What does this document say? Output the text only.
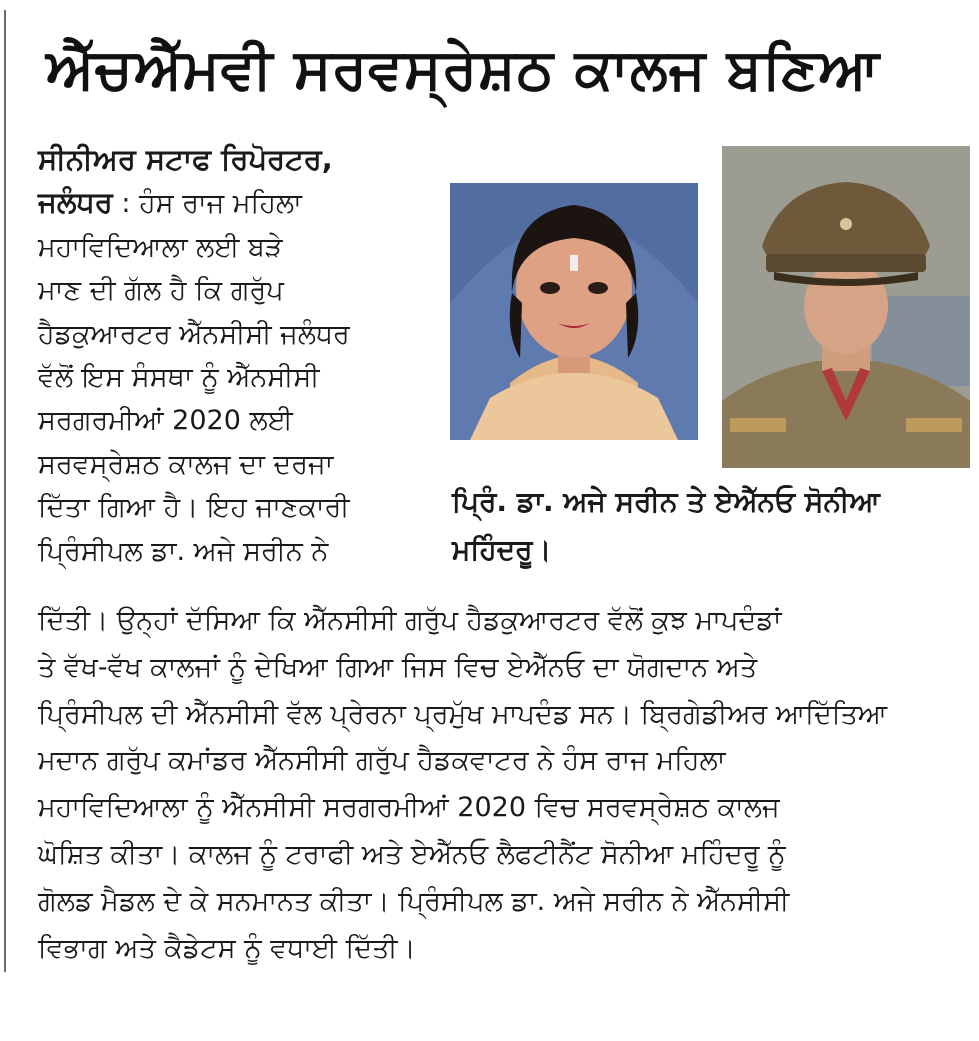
ਐੱਚਐੱਮਵੀ ਸਰਵਸ੍ਰੇਸ਼ਠ ਕਾਲਜ ਬਣਿਆ
ਸੀਨੀਅਰ ਸਟਾਫ ਰਿਪੋਰਟਰ,
ਜਲੰਧਰ : ਹੰਸ ਰਾਜ ਮਹਿਲਾ
ਮਹਾਵਿਦਿਆਲਾ ਲਈ ਬੜੇ
ਮਾਣ ਦੀ ਗੱਲ ਹੈ ਕਿ ਗਰੁੱਪ
ਹੈਡਕੁਆਰਟਰ ਐੱਨਸੀਸੀ ਜਲੰਧਰ
ਵੱਲੋਂ ਇਸ ਸੰਸਥਾ ਨੂੰ ਐੱਨਸੀਸੀ
ਸਰਗਰਮੀਆਂ 2020 ਲਈ
ਸਰਵਸ੍ਰੇਸ਼ਠ ਕਾਲਜ ਦਾ ਦਰਜਾ
ਦਿੱਤਾ ਗਿਆ ਹੈ। ਇਹ ਜਾਣਕਾਰੀ
ਪ੍ਰਿੰਸੀਪਲ ਡਾ. ਅਜੇ ਸਰੀਨ ਨੇ
ਪ੍ਰਿੰ. ਡਾ. ਅਜੇ ਸਰੀਨ ਤੇ ਏਐੱਨਓ ਸੋਨੀਆ
ਮਹਿੰਦਰੂ।
ਦਿੱਤੀ। ਉਨ੍ਹਾਂ ਦੱਸਿਆ ਕਿ ਐੱਨਸੀਸੀ ਗਰੁੱਪ ਹੈਡਕੁਆਰਟਰ ਵੱਲੋਂ ਕੁਝ ਮਾਪਦੰਡਾਂ
ਤੇ ਵੱਖ-ਵੱਖ ਕਾਲਜਾਂ ਨੂੰ ਦੇਖਿਆ ਗਿਆ ਜਿਸ ਵਿਚ ਏਐੱਨਓ ਦਾ ਯੋਗਦਾਨ ਅਤੇ
ਪ੍ਰਿੰਸੀਪਲ ਦੀ ਐੱਨਸੀਸੀ ਵੱਲ ਪ੍ਰੇਰਨਾ ਪ੍ਰਮੁੱਖ ਮਾਪਦੰਡ ਸਨ। ਬ੍ਰਿਗੇਡੀਅਰ ਆਦਿੱਤਿਆ
ਮਦਾਨ ਗਰੁੱਪ ਕਮਾਂਡਰ ਐੱਨਸੀਸੀ ਗਰੁੱਪ ਹੈਡਕਵਾਟਰ ਨੇ ਹੰਸ ਰਾਜ ਮਹਿਲਾ
ਮਹਾਵਿਦਿਆਲਾ ਨੂੰ ਐੱਨਸੀਸੀ ਸਰਗਰਮੀਆਂ 2020 ਵਿਚ ਸਰਵਸ੍ਰੇਸ਼ਠ ਕਾਲਜ
ਘੋਸ਼ਿਤ ਕੀਤਾ। ਕਾਲਜ ਨੂੰ ਟਰਾਫੀ ਅਤੇ ਏਐੱਨਓ ਲੈਫਟੀਨੈਂਟ ਸੋਨੀਆ ਮਹਿੰਦਰੂ ਨੂੰ
ਗੋਲਡ ਮੈਡਲ ਦੇ ਕੇ ਸਨਮਾਨਤ ਕੀਤਾ। ਪ੍ਰਿੰਸੀਪਲ ਡਾ. ਅਜੇ ਸਰੀਨ ਨੇ ਐੱਨਸੀਸੀ
ਵਿਭਾਗ ਅਤੇ ਕੈਡੇਟਸ ਨੂੰ ਵਧਾਈ ਦਿੱਤੀ।
